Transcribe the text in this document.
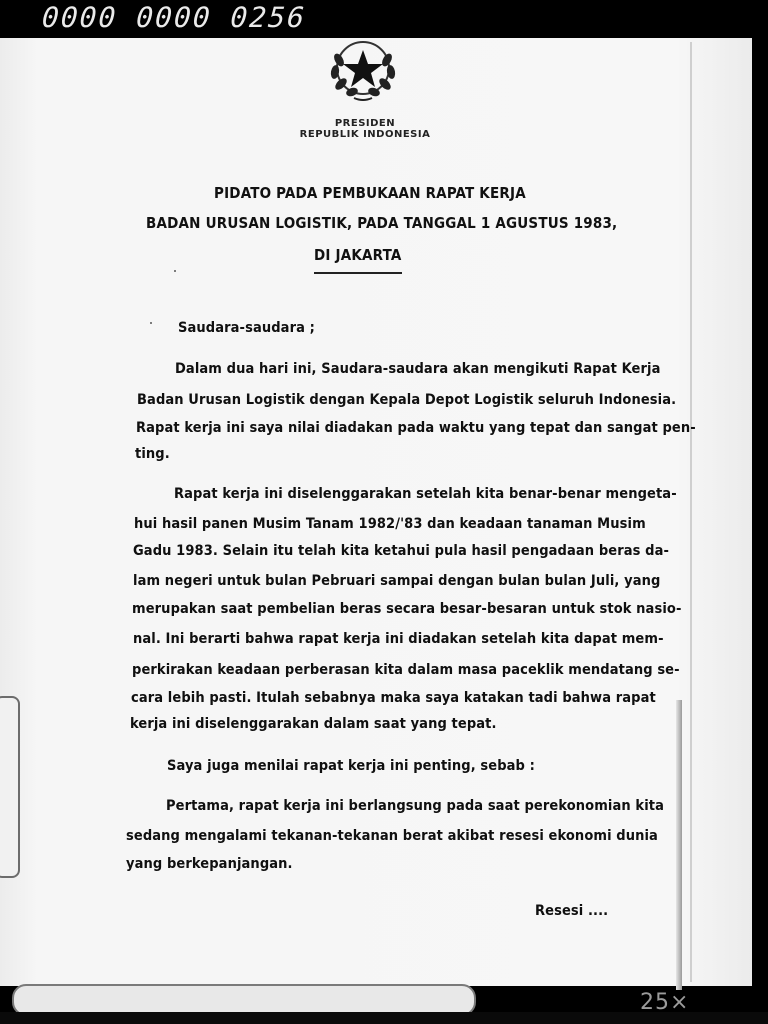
0000 0000 0256
PRESIDEN
REPUBLIK INDONESIA
PIDATO PADA PEMBUKAAN RAPAT KERJA
BADAN URUSAN LOGISTIK, PADA TANGGAL 1 AGUSTUS 1983,
DI JAKARTA
Saudara-saudara ;
Dalam dua hari ini, Saudara-saudara akan mengikuti Rapat Kerja
Badan Urusan Logistik dengan Kepala Depot Logistik seluruh Indonesia.
Rapat kerja ini saya nilai diadakan pada waktu yang tepat dan sangat pen-
ting.
Rapat kerja ini diselenggarakan setelah kita benar-benar mengeta-
hui hasil panen Musim Tanam 1982/'83 dan keadaan tanaman Musim
Gadu 1983. Selain itu telah kita ketahui pula hasil pengadaan beras da-
lam negeri untuk bulan Pebruari sampai dengan bulan bulan Juli, yang
merupakan saat pembelian beras secara besar-besaran untuk stok nasio-
nal. Ini berarti bahwa rapat kerja ini diadakan setelah kita dapat mem-
perkirakan keadaan perberasan kita dalam masa paceklik mendatang se-
cara lebih pasti. Itulah sebabnya maka saya katakan tadi bahwa rapat
kerja ini diselenggarakan dalam saat yang tepat.
Saya juga menilai rapat kerja ini penting, sebab :
Pertama, rapat kerja ini berlangsung pada saat perekonomian kita
sedang mengalami tekanan-tekanan berat akibat resesi ekonomi dunia
yang berkepanjangan.
Resesi ....
25×
